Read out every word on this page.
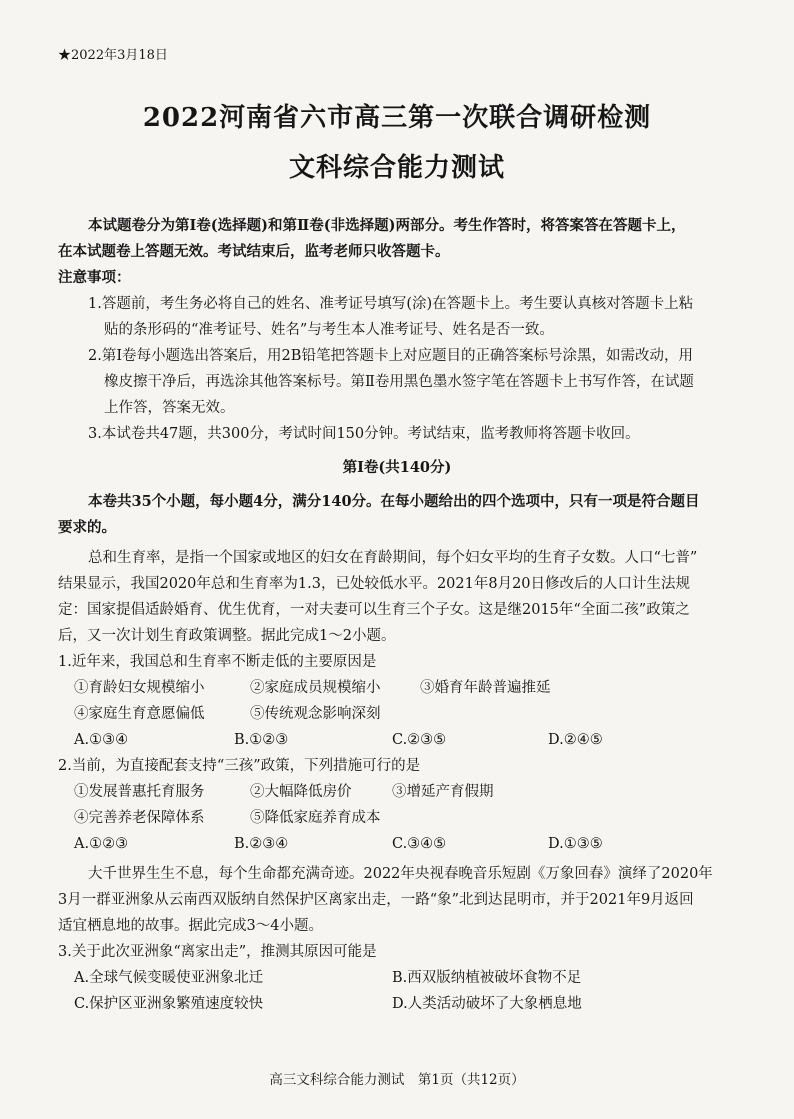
★2022年3月18日
2022河南省六市高三第一次联合调研检测
文科综合能力测试
本试题卷分为第Ⅰ卷(选择题)和第Ⅱ卷(非选择题)两部分。考生作答时，将答案答在答题卡上，
在本试题卷上答题无效。考试结束后，监考老师只收答题卡。
注意事项：
1.答题前，考生务必将自己的姓名、准考证号填写(涂)在答题卡上。考生要认真核对答题卡上粘
贴的条形码的“准考证号、姓名”与考生本人准考证号、姓名是否一致。
2.第Ⅰ卷每小题选出答案后，用2B铅笔把答题卡上对应题目的正确答案标号涂黑，如需改动，用
橡皮擦干净后，再选涂其他答案标号。第Ⅱ卷用黑色墨水签字笔在答题卡上书写作答，在试题
上作答，答案无效。
3.本试卷共47题，共300分，考试时间150分钟。考试结束，监考教师将答题卡收回。
第Ⅰ卷(共140分)
本卷共35个小题，每小题4分，满分140分。在每小题给出的四个选项中，只有一项是符合题目
要求的。
总和生育率，是指一个国家或地区的妇女在育龄期间，每个妇女平均的生育子女数。人口“七普”
结果显示，我国2020年总和生育率为1.3，已处较低水平。2021年8月20日修改后的人口计生法规
定：国家提倡适龄婚育、优生优育，一对夫妻可以生育三个子女。这是继2015年“全面二孩”政策之
后，又一次计划生育政策调整。据此完成1～2小题。
1.近年来，我国总和生育率不断走低的主要原因是
①育龄妇女规模缩小	②家庭成员规模缩小	③婚育年龄普遍推延
④家庭生育意愿偏低	⑤传统观念影响深刻
A.①③④	B.①②③	C.②③⑤	D.②④⑤
2.当前，为直接配套支持“三孩”政策，下列措施可行的是
①发展普惠托育服务	②大幅降低房价	③增延产育假期
④完善养老保障体系	⑤降低家庭养育成本
A.①②③	B.②③④	C.③④⑤	D.①③⑤
大千世界生生不息，每个生命都充满奇迹。2022年央视春晚音乐短剧《万象回春》演绎了2020年
3月一群亚洲象从云南西双版纳自然保护区离家出走，一路“象”北到达昆明市，并于2021年9月返回
适宜栖息地的故事。据此完成3～4小题。
3.关于此次亚洲象“离家出走”，推测其原因可能是
A.全球气候变暖使亚洲象北迁	B.西双版纳植被破坏食物不足
C.保护区亚洲象繁殖速度较快	D.人类活动破坏了大象栖息地
高三文科综合能力测试　第1页（共12页）
